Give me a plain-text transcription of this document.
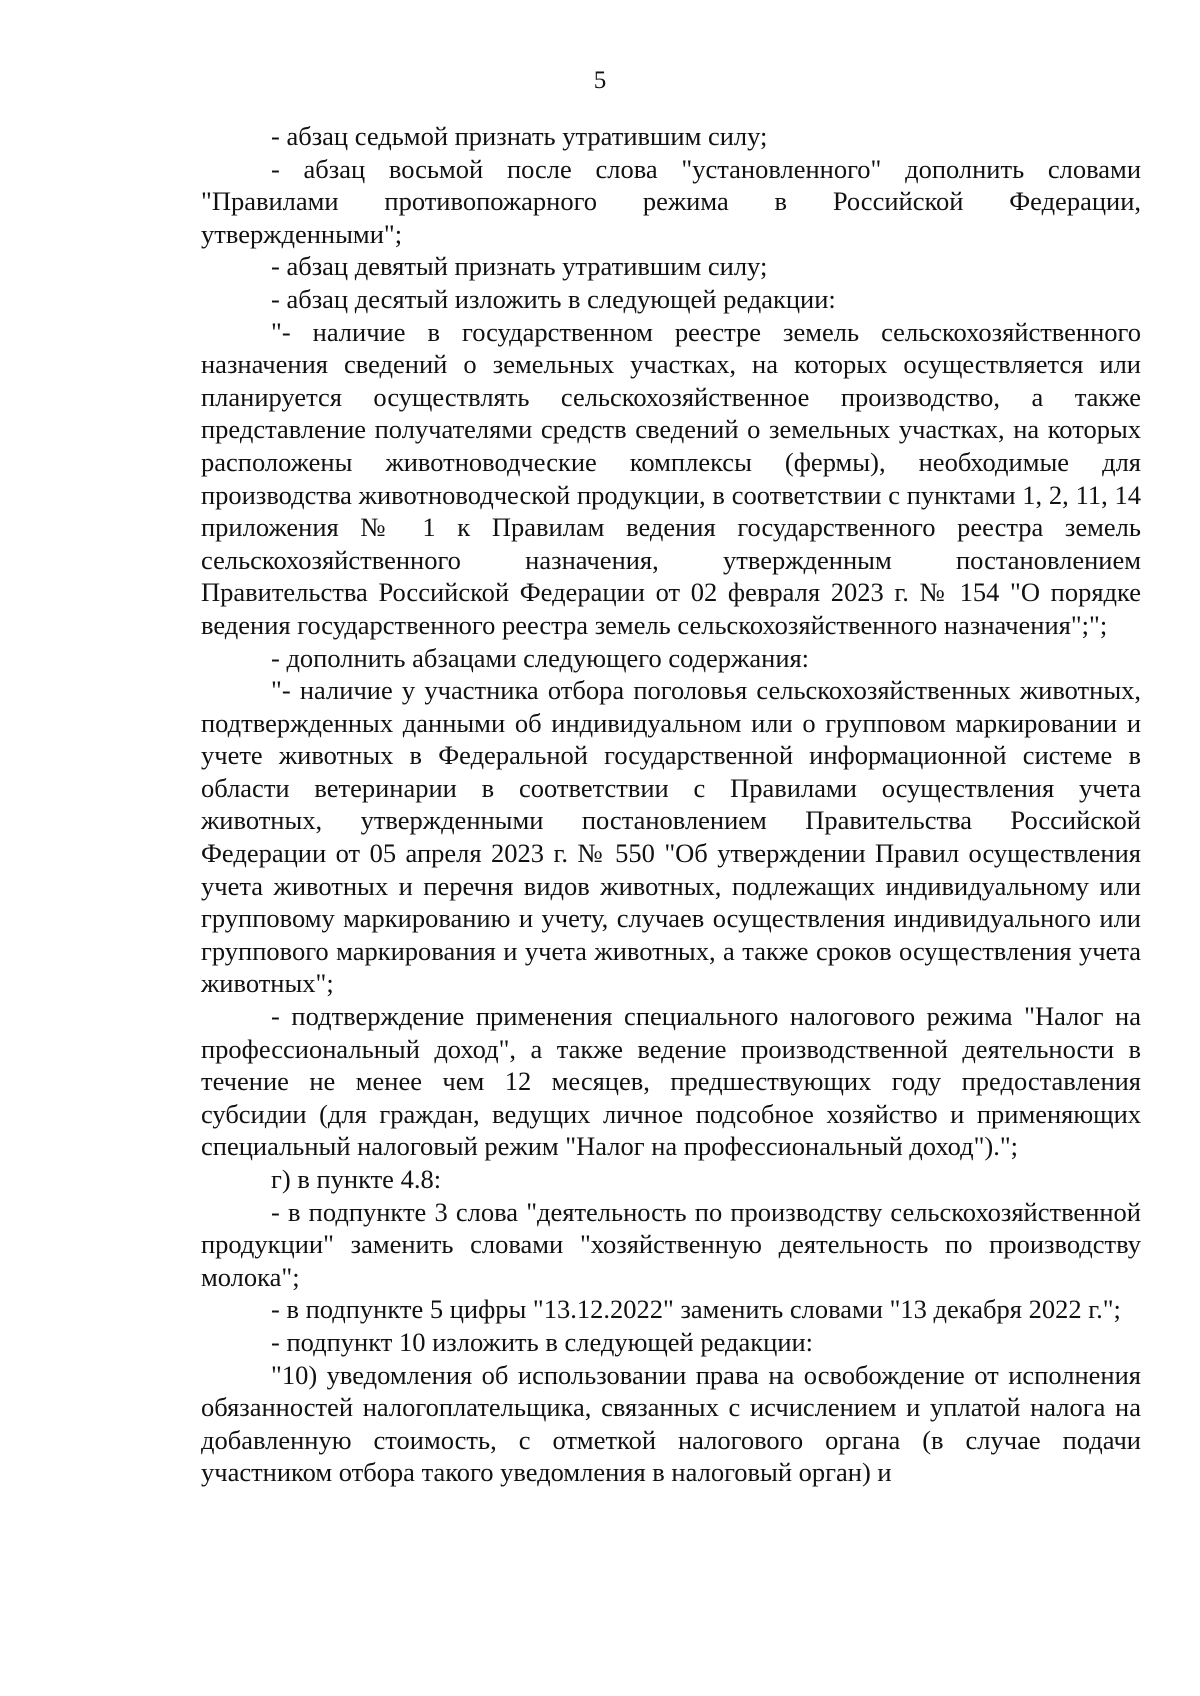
5

- абзац седьмой признать утратившим силу;

- абзац восьмой после слова "установленного" дополнить словами "Правилами противопожарного режима в Российской Федерации, утвержденными";

- абзац девятый признать утратившим силу;

- абзац десятый изложить в следующей редакции:

"- наличие в государственном реестре земель сельскохозяйственного назначения сведений о земельных участках, на которых осуществляется или планируется осуществлять сельскохозяйственное производство, а также представление получателями средств сведений о земельных участках, на которых расположены животноводческие комплексы (фермы), необходимые для производства животноводческой продукции, в соответствии с пунктами 1, 2, 11, 14 приложения № 1 к Правилам ведения государственного реестра земель сельскохозяйственного назначения, утвержденным постановлением Правительства Российской Федерации от 02 февраля 2023 г. № 154 "О порядке ведения государственного реестра земель сельскохозяйственного назначения";";

- дополнить абзацами следующего содержания:

"- наличие у участника отбора поголовья сельскохозяйственных животных, подтвержденных данными об индивидуальном или о групповом маркировании и учете животных в Федеральной государственной информационной системе в области ветеринарии в соответствии с Правилами осуществления учета животных, утвержденными постановлением Правительства Российской Федерации от 05 апреля 2023 г. № 550 "Об утверждении Правил осуществления учета животных и перечня видов животных, подлежащих индивидуальному или групповому маркированию и учету, случаев осуществления индивидуального или группового маркирования и учета животных, а также сроков осуществления учета животных";

- подтверждение применения специального налогового режима "Налог на профессиональный доход", а также ведение производственной деятельности в течение не менее чем 12 месяцев, предшествующих году предоставления субсидии (для граждан, ведущих личное подсобное хозяйство и применяющих специальный налоговый режим "Налог на профессиональный доход").";

г) в пункте 4.8:

- в подпункте 3 слова "деятельность по производству сельскохозяйственной продукции" заменить словами "хозяйственную деятельность по производству молока";

- в подпункте 5 цифры "13.12.2022" заменить словами "13 декабря 2022 г.";

- подпункт 10 изложить в следующей редакции:

"10) уведомления об использовании права на освобождение от исполнения обязанностей налогоплательщика, связанных с исчислением и уплатой налога на добавленную стоимость, с отметкой налогового органа (в случае подачи участником отбора такого уведомления в налоговый орган) и
